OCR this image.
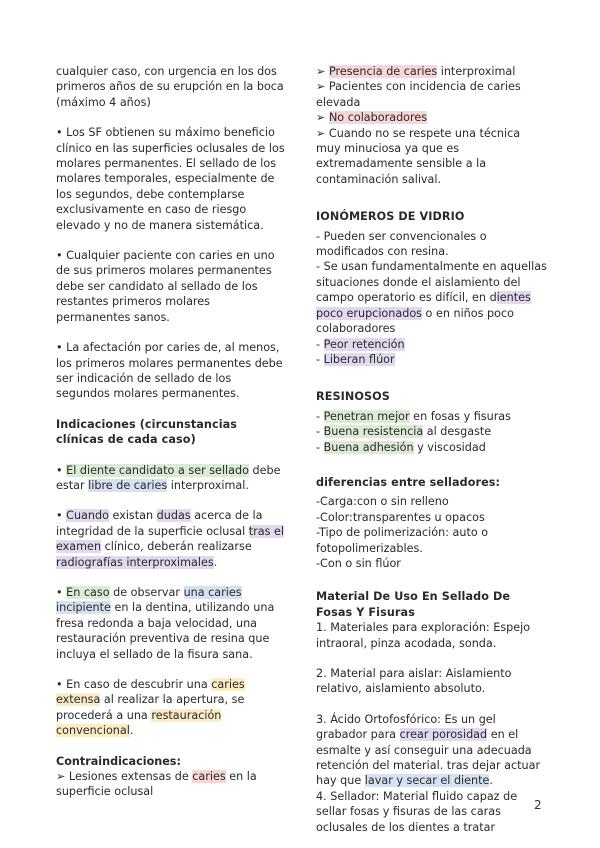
cualquier caso, con urgencia en los dos primeros años de su erupción en la boca (máximo 4 años)

• Los SF obtienen su máximo beneficio clínico en las superficies oclusales de los molares permanentes. El sellado de los molares temporales, especialmente de los segundos, debe contemplarse exclusivamente en caso de riesgo elevado y no de manera sistemática.

• Cualquier paciente con caries en uno de sus primeros molares permanentes debe ser candidato al sellado de los restantes primeros molares permanentes sanos.

• La afectación por caries de, al menos, los primeros molares permanentes debe ser indicación de sellado de los segundos molares permanentes.

Indicaciones (circunstancias clínicas de cada caso)

• El diente candidato a ser sellado debe estar libre de caries interproximal.

• Cuando existan dudas acerca de la integridad de la superficie oclusal tras el examen clínico, deberán realizarse radiografías interproximales.

• En caso de observar una caries incipiente en la dentina, utilizando una fresa redonda a baja velocidad, una restauración preventiva de resina que incluya el sellado de la fisura sana.

• En caso de descubrir una caries extensa al realizar la apertura, se procederá a una restauración convencional.

Contraindicaciones:

➢ Lesiones extensas de caries en la superficie oclusal

➢ Presencia de caries interproximal

➢ Pacientes con incidencia de caries elevada

➢ No colaboradores

➢ Cuando no se respete una técnica muy minuciosa ya que es extremadamente sensible a la contaminación salival.

IONÓMEROS DE VIDRIO

- Pueden ser convencionales o modificados con resina.

- Se usan fundamentalmente en aquellas situaciones donde el aislamiento del campo operatorio es difícil, en dientes poco erupcionados o en niños poco colaboradores

- Peor retención

- Liberan flúor

RESINOSOS

- Penetran mejor en fosas y fisuras

- Buena resistencia al desgaste

- Buena adhesión y viscosidad

diferencias entre selladores:

-Carga:con o sin relleno

-Color:transparentes u opacos

-Tipo de polimerización: auto o fotopolimerizables.

-Con o sin flúor

Material De Uso En Sellado De Fosas Y Fisuras

1. Materiales para exploración: Espejo intraoral, pinza acodada, sonda.

2. Material para aislar: Aislamiento relativo, aislamiento absoluto.

3. Ácido Ortofosfórico: Es un gel grabador para crear porosidad en el esmalte y así conseguir una adecuada retención del material. tras dejar actuar hay que lavar y secar el diente.

4. Sellador: Material fluido capaz de sellar fosas y fisuras de las caras oclusales de los dientes a tratar

2
